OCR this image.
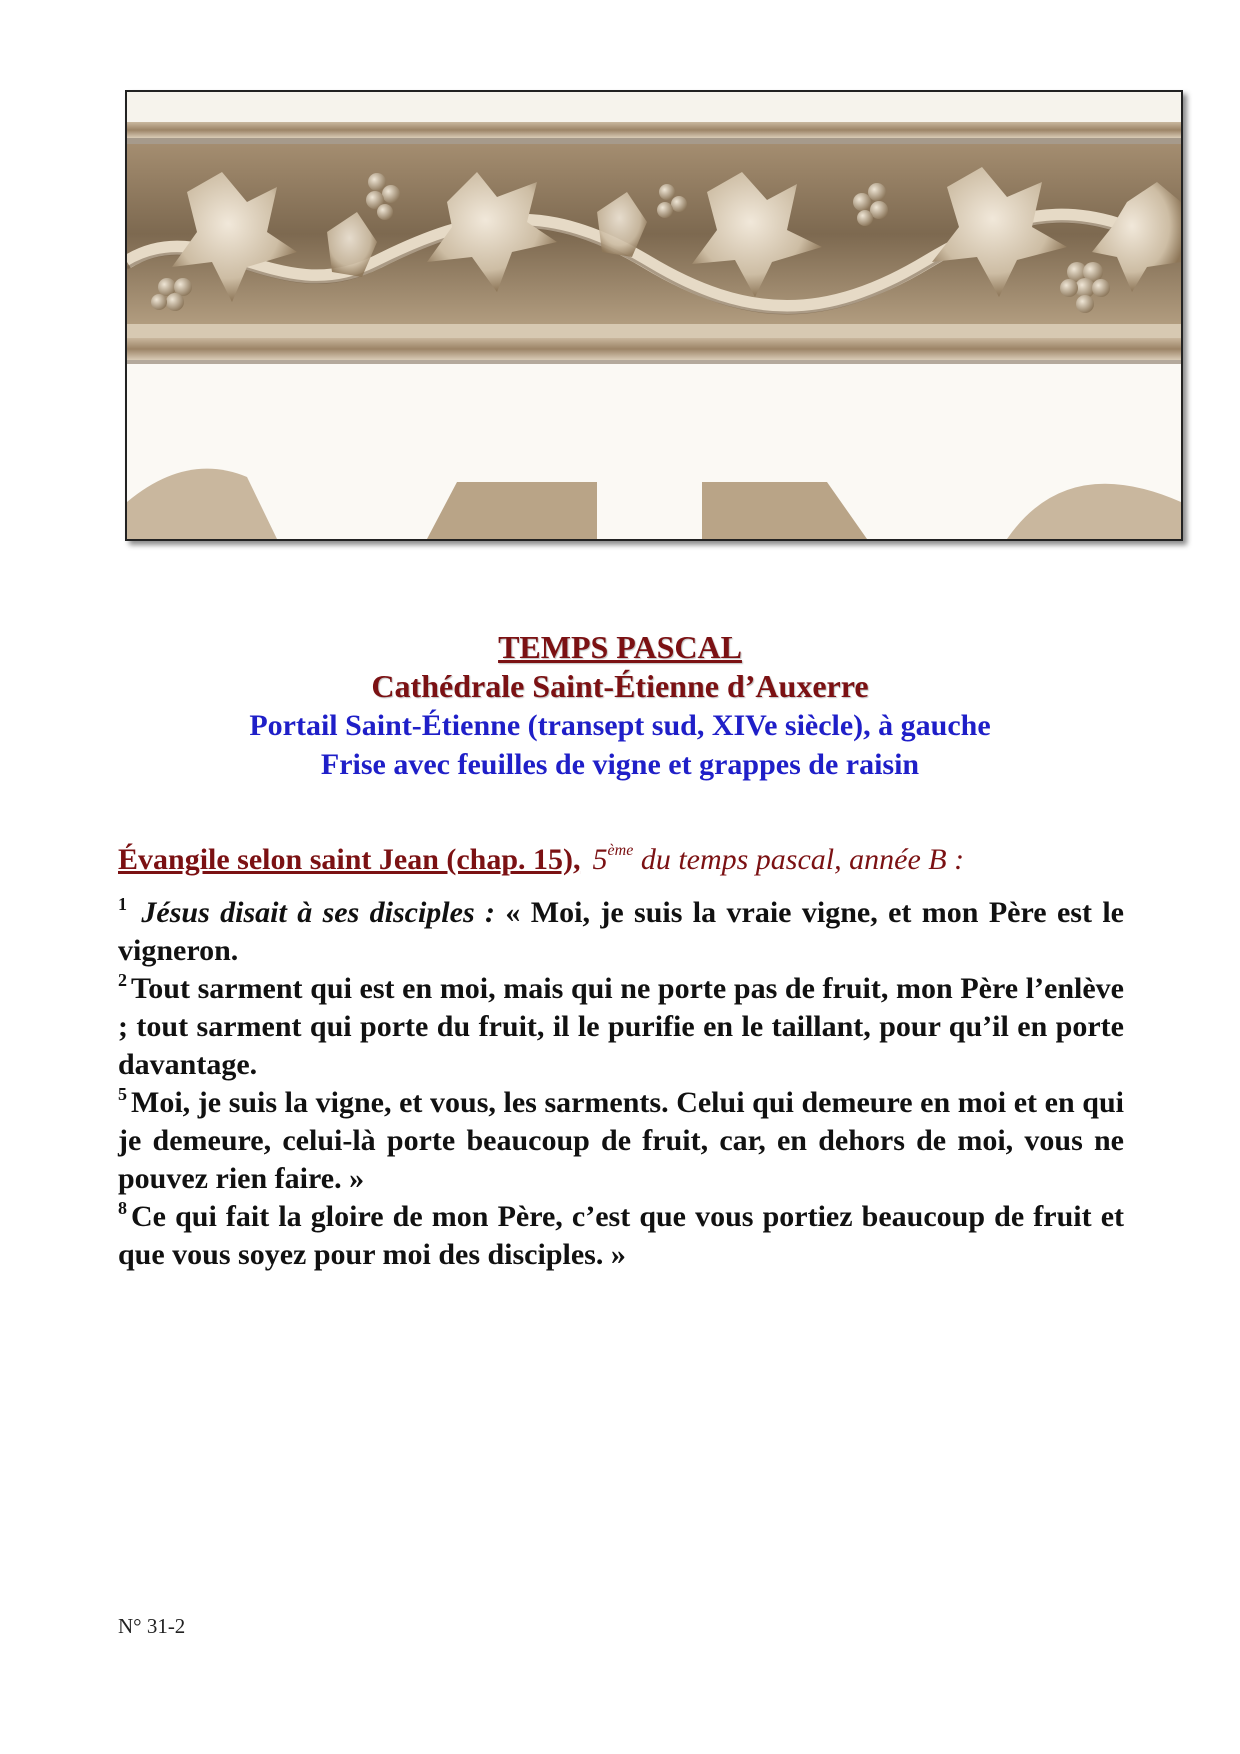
TEMPS PASCAL
Cathédrale Saint-Étienne d’Auxerre
Portail Saint-Étienne (transept sud, XIVe siècle), à gauche
Frise avec feuilles de vigne et grappes de raisin
Évangile selon saint Jean (chap. 15), 5ème du temps pascal, année B :

$^1$ Jésus disait à ses disciples : « Moi, je suis la vraie vigne, et mon Père est le vigneron.

$^2$ Tout sarment qui est en moi, mais qui ne porte pas de fruit, mon Père l’enlève ; tout sarment qui porte du fruit, il le purifie en le taillant, pour qu’il en porte davantage.

$^5$ Moi, je suis la vigne, et vous, les sarments. Celui qui demeure en moi et en qui je demeure, celui-là porte beaucoup de fruit, car, en dehors de moi, vous ne pouvez rien faire. »

$^8$ Ce qui fait la gloire de mon Père, c’est que vous portiez beaucoup de fruit et que vous soyez pour moi des disciples. »

N° 31-2
